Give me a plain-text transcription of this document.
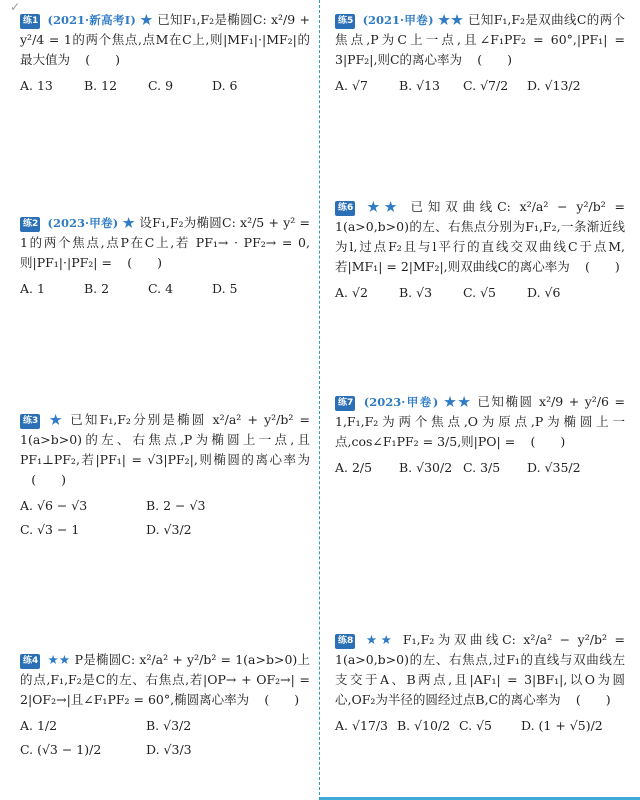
✓
练1 (2021·新高考Ⅰ) ★ 已知F₁,F₂是椭圆C: x²/9 + y²/4 = 1的两个焦点,点M在C上,则|MF₁|·|MF₂|的最大值为 (　　)
A. 13	B. 12	C. 9	D. 6
练2 (2023·甲卷) ★ 设F₁,F₂为椭圆C: x²/5 + y² = 1的两个焦点,点P在C上,若 PF₁→ · PF₂→ = 0,则|PF₁|·|PF₂| = (　　)
A. 1	B. 2	C. 4	D. 5
练3 ★ 已知F₁,F₂分别是椭圆 x²/a² + y²/b² = 1(a>b>0)的左、右焦点,P为椭圆上一点,且PF₁⊥PF₂,若|PF₁| = √3|PF₂|,则椭圆的离心率为 (　　)
A. √6 − √3	B. 2 − √3
C. √3 − 1	D. √3/2
练4 ★★ P是椭圆C: x²/a² + y²/b² = 1(a>b>0)上的点,F₁,F₂是C的左、右焦点,若|OP→ + OF₂→| = 2|OF₂→|且∠F₁PF₂ = 60°,椭圆离心率为 (　　)
A. 1/2	B. √3/2
C. (√3 − 1)/2	D. √3/3
练5 (2021·甲卷) ★★ 已知F₁,F₂是双曲线C的两个焦点,P为C上一点,且∠F₁PF₂ = 60°,|PF₁| = 3|PF₂|,则C的离心率为 (　　)
A. √7	B. √13	C. √7/2	D. √13/2
练6 ★★ 已知双曲线C: x²/a² − y²/b² = 1(a>0,b>0)的左、右焦点分别为F₁,F₂,一条渐近线为l,过点F₂且与l平行的直线交双曲线C于点M,若|MF₁| = 2|MF₂|,则双曲线C的离心率为 (　　)
A. √2	B. √3	C. √5	D. √6
练7 (2023·甲卷) ★★ 已知椭圆 x²/9 + y²/6 = 1,F₁,F₂为两个焦点,O为原点,P为椭圆上一点,cos∠F₁PF₂ = 3/5,则|PO| = (　　)
A. 2/5	B. √30/2 C. 3/5	D. √35/2
练8 ★★ F₁,F₂为双曲线C: x²/a² − y²/b² = 1(a>0,b>0)的左、右焦点,过F₁的直线与双曲线左支交于A、B两点,且|AF₁| = 3|BF₁|,以O为圆心,OF₂为半径的圆经过点B,C的离心率为 (　　)
A. √17/3 B. √10/2 C. √5	D. (1 + √5)/2
